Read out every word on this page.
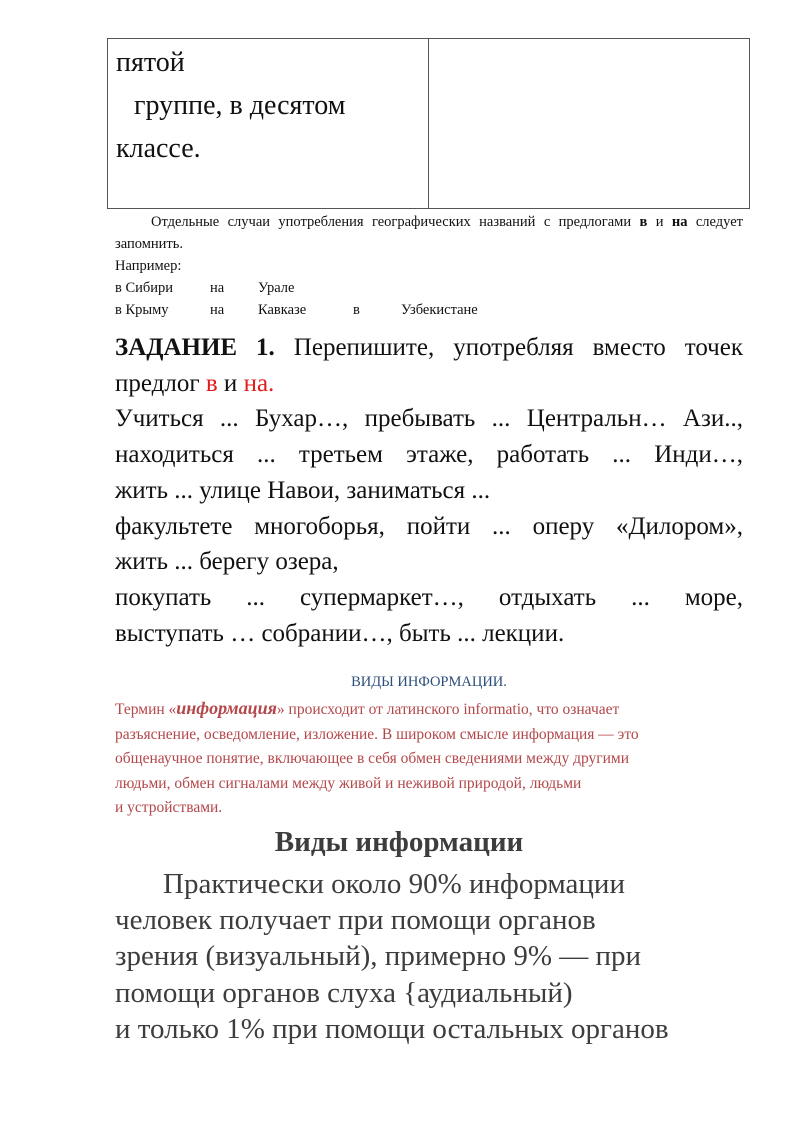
пятой

группе, в десятом
классе.
Отдельные случаи употребления географических названий с предлогами в и на следует запомнить.
Например:
в Сибири	на	Урале
в Крыму	на	Кавказе	в	Узбекистане
ЗАДАНИЕ 1. Перепишите, употребляя вместо точек
предлог в и на.
Учиться ... Бухар…, пребывать ... Центральн… Ази..,
находиться ... третьем этаже, работать ... Инди…,
жить ... улице Навои, заниматься ...
факультете многоборья, пойти ... оперу «Дилором»,
жить ... берегу озера,
покупать ... супермаркет…, отдыхать ... море,
выступать … собрании…, быть ... лекции.
ВИДЫ ИНФОРМАЦИИ.
Термин «информация» происходит от латинского informatio, что означает
разъяснение, осведомление, изложение. В широком смысле информация — это
общенаучное понятие, включающее в себя обмен сведениями между другими
людьми, обмен сигналами между живой и неживой природой, людьми
и устройствами.
Виды информации
Практически около 90% информации
человек получает при помощи органов
зрения (визуальный), примерно 9% — при
помощи органов слуха {аудиальный)
и только 1% при помощи остальных органов
